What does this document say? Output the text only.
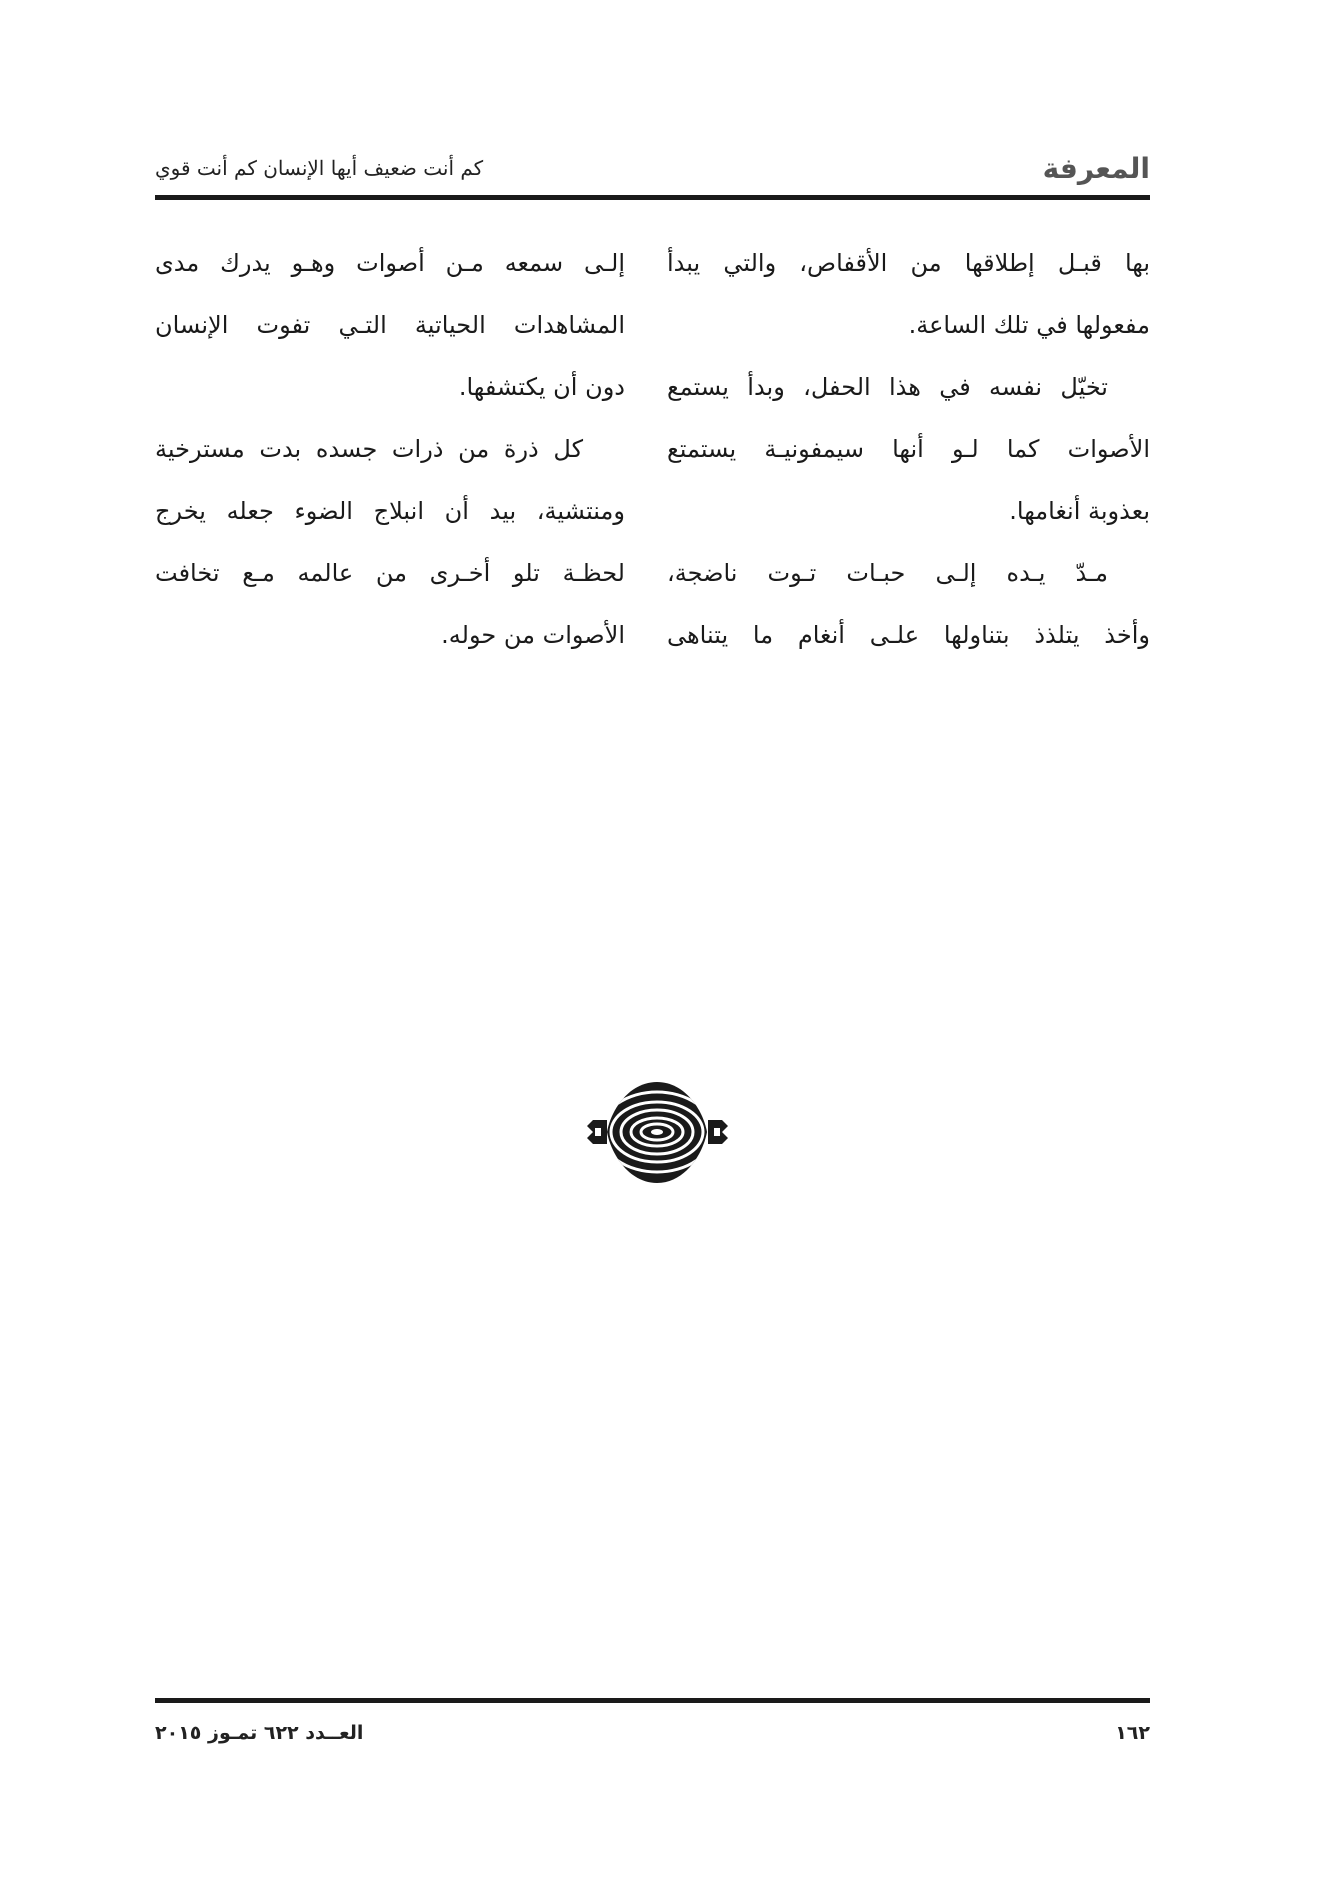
المعرفة
كم أنت ضعيف أيها الإنسان كم أنت قوي
بها قبـل إطلاقها من الأقفاص، والتي يبدأ
مفعولها في تلك الساعة.
تخيّل نفسه في هذا الحفل، وبدأ يستمع
الأصوات كما لـو أنها سيمفونيـة يستمتع
بعذوبة أنغامها.
مـدّ يـده إلـى حبـات تـوت ناضجة،
وأخذ يتلذذ بتناولها علـى أنغام ما يتناهى
إلـى سمعه مـن أصوات وهـو يدرك مدى
المشاهدات الحياتية التـي تفوت الإنسان
دون أن يكتشفها.
كل ذرة من ذرات جسده بدت مسترخية
ومنتشية، بيد أن انبلاج الضوء جعله يخرج
لحظـة تلو أخـرى من عالمه مـع تخافت
الأصوات من حوله.
١٦٢
العــدد ٦٢٢ تمـوز ٢٠١٥
